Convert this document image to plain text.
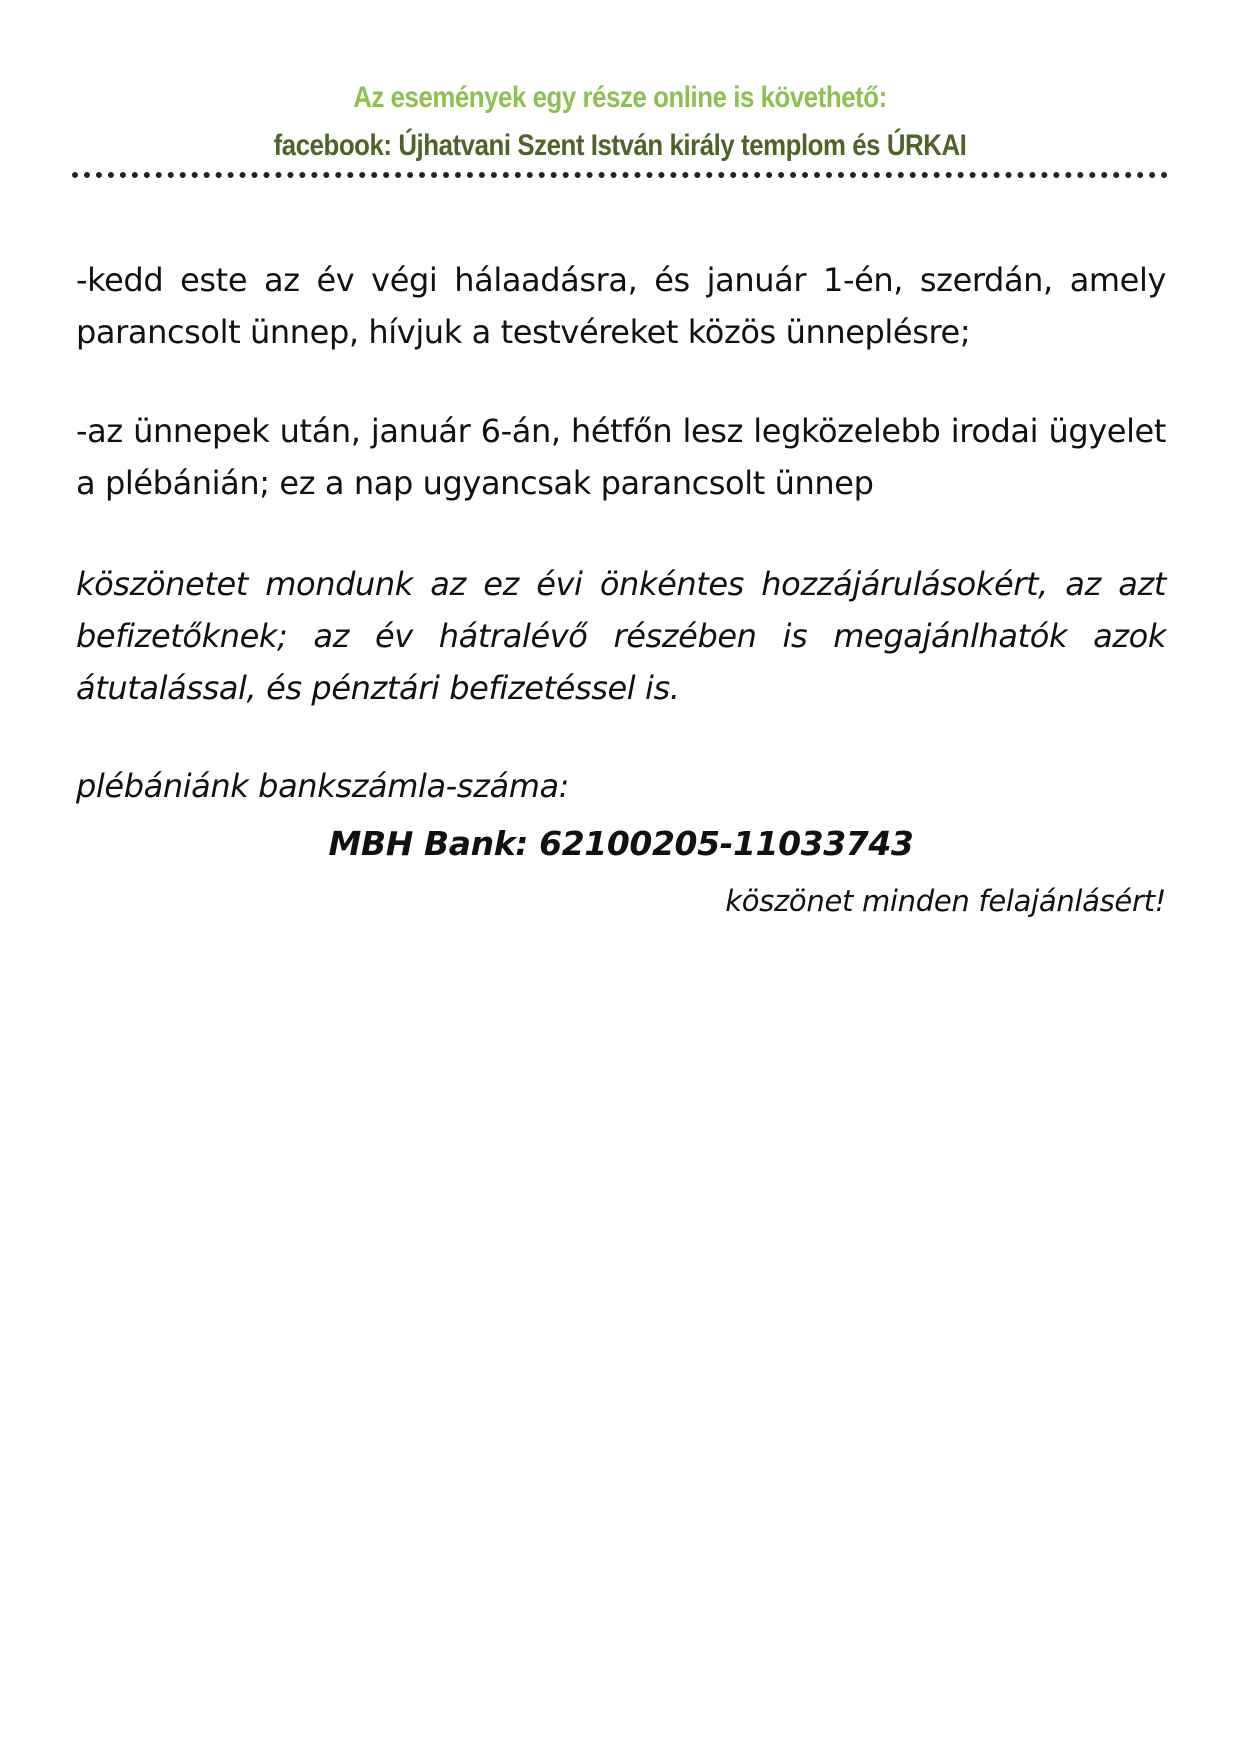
Az események egy része online is követhető:
facebook: Újhatvani Szent István király templom és ÚRKAI

-kedd este az év végi hálaadásra, és január 1-én, szerdán, amely parancsolt ünnep, hívjuk a testvéreket közös ünneplésre;

-az ünnepek után, január 6-án, hétfőn lesz legközelebb irodai ügyelet a plébánián; ez a nap ugyancsak parancsolt ünnep

köszönetet mondunk az ez évi önkéntes hozzájárulásokért, az azt befizetőknek; az év hátralévő részében is megajánlhatók azok átutalással, és pénztári befizetéssel is.

plébániánk bankszámla-száma:

MBH Bank: 62100205-11033743
köszönet minden felajánlásért!
